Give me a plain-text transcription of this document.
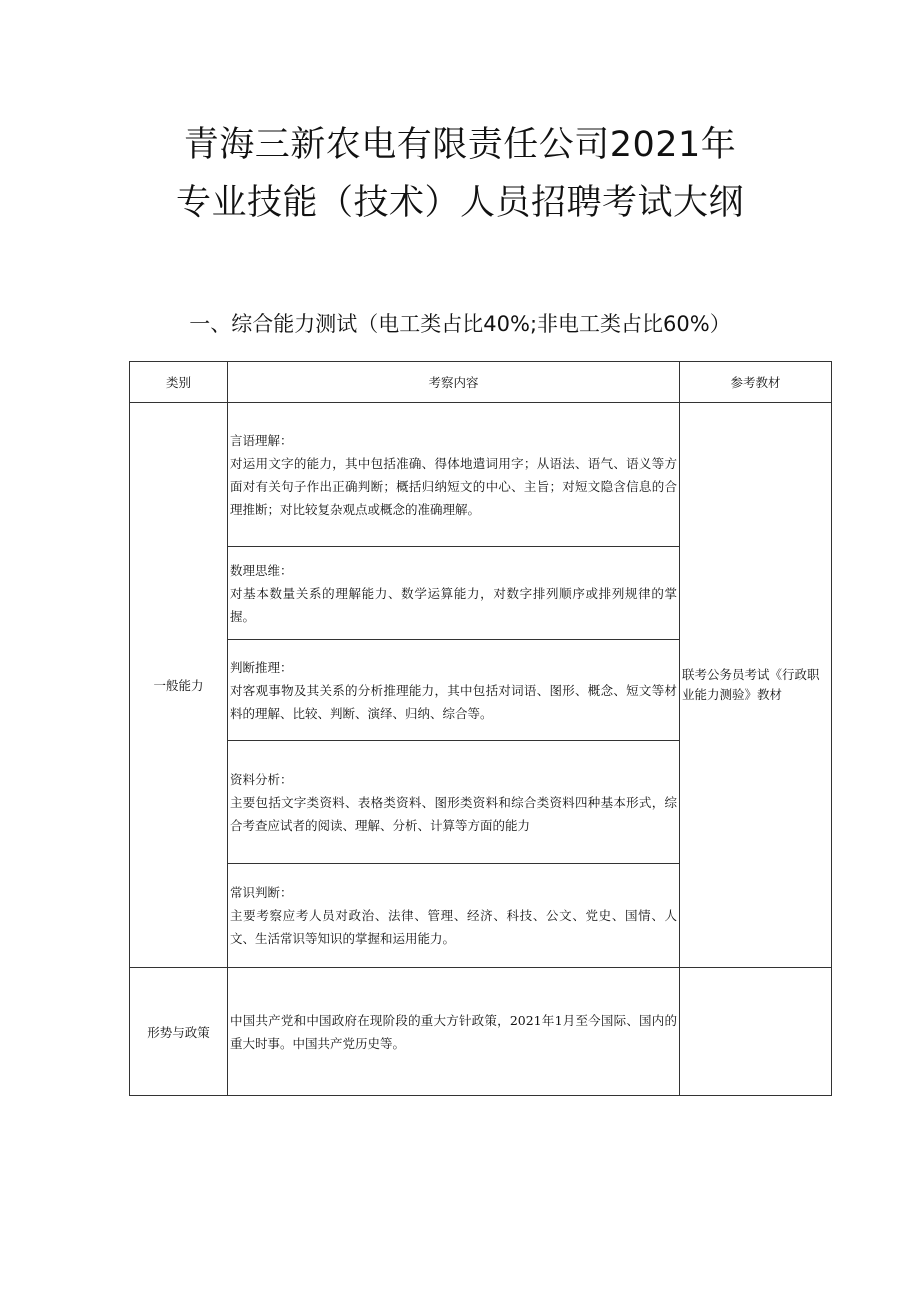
青海三新农电有限责任公司2021年
专业技能（技术）人员招聘考试大纲
一、综合能力测试（电工类占比40%;非电工类占比60%）
类别	考察内容	参考教材
一般能力	言语理解：
对运用文字的能力，其中包括准确、得体地遣词用字；从语法、语气、语义等方面对有关句子作出正确判断；概括归纳短文的中心、主旨；对短文隐含信息的合理推断；对比较复杂观点或概念的准确理解。	联考公务员考试《行政职业能力测验》教材

	数理思维：
对基本数量关系的理解能力、数学运算能力，对数字排列顺序或排列规律的掌握。	

	判断推理：
对客观事物及其关系的分析推理能力，其中包括对词语、图形、概念、短文等材料的理解、比较、判断、演绎、归纳、综合等。	

	资料分析：
主要包括文字类资料、表格类资料、图形类资料和综合类资料四种基本形式，综合考查应试者的阅读、理解、分析、计算等方面的能力	

	常识判断：
主要考察应考人员对政治、法律、管理、经济、科技、公文、党史、国情、人文、生活常识等知识的掌握和运用能力。	
形势与政策	中国共产党和中国政府在现阶段的重大方针政策，2021年1月至今国际、国内的重大时事。中国共产党历史等。	
